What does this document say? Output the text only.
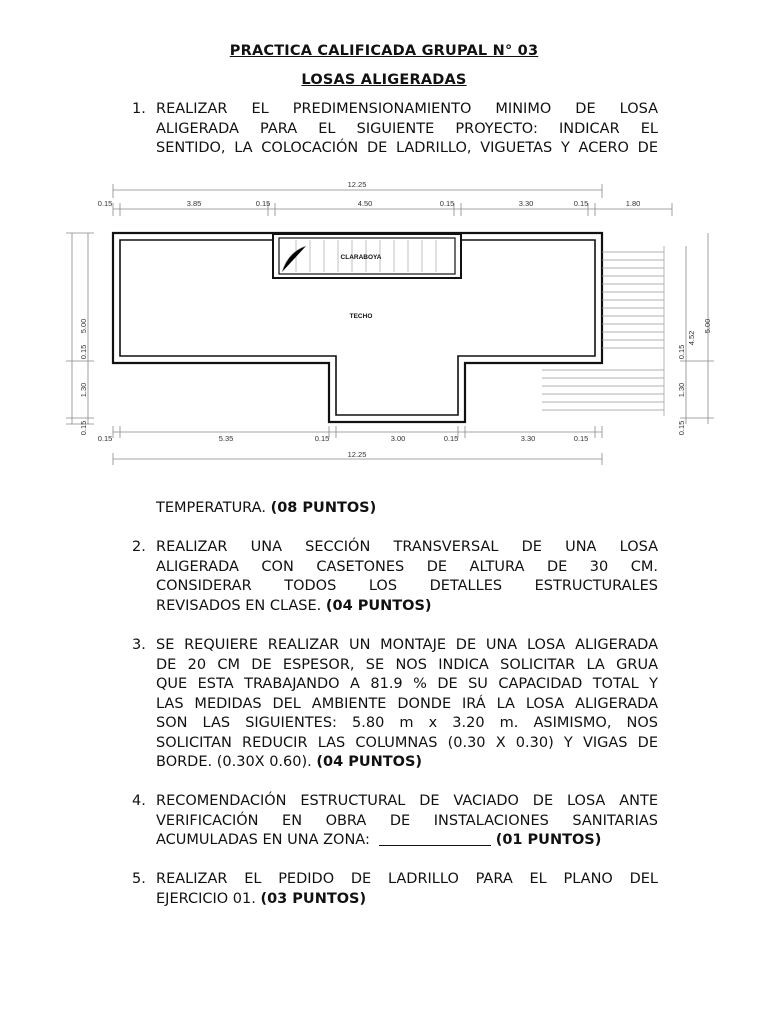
PRACTICA CALIFICADA GRUPAL N° 03
LOSAS ALIGERADAS
1. REALIZAR EL PREDIMENSIONAMIENTO MINIMO DE LOSA
ALIGERADA PARA EL SIGUIENTE PROYECTO: INDICAR EL
SENTIDO, LA COLOCACIÓN DE LADRILLO, VIGUETAS Y ACERO DE
12.25
0.15	3.85	0.15	4.50	0.15	3.30	0.15	1.80
0.15	5.35	0.15	3.00	0.15	3.30	0.15
12.25
5.00
0.15
1.30
0.15
0.15
4.52
5.00
1.30
0.15
CLARABOYA
TECHO
TEMPERATURA. (08 PUNTOS)
2. REALIZAR UNA SECCIÓN TRANSVERSAL DE UNA LOSA
ALIGERADA CON CASETONES DE ALTURA DE 30 CM.
CONSIDERAR TODOS LOS DETALLES ESTRUCTURALES
REVISADOS EN CLASE. (04 PUNTOS)
3. SE REQUIERE REALIZAR UN MONTAJE DE UNA LOSA ALIGERADA
DE 20 CM DE ESPESOR, SE NOS INDICA SOLICITAR LA GRUA
QUE ESTA TRABAJANDO A 81.9 % DE SU CAPACIDAD TOTAL Y
LAS MEDIDAS DEL AMBIENTE DONDE IRÁ LA LOSA ALIGERADA
SON LAS SIGUIENTES: 5.80 m x 3.20 m. ASIMISMO, NOS
SOLICITAN REDUCIR LAS COLUMNAS (0.30 X 0.30) Y VIGAS DE
BORDE. (0.30X 0.60). (04 PUNTOS)
4. RECOMENDACIÓN ESTRUCTURAL DE VACIADO DE LOSA ANTE
VERIFICACIÓN EN OBRA DE INSTALACIONES SANITARIAS
ACUMULADAS EN UNA ZONA:	(01 PUNTOS)
5. REALIZAR EL PEDIDO DE LADRILLO PARA EL PLANO DEL
EJERCICIO 01. (03 PUNTOS)
